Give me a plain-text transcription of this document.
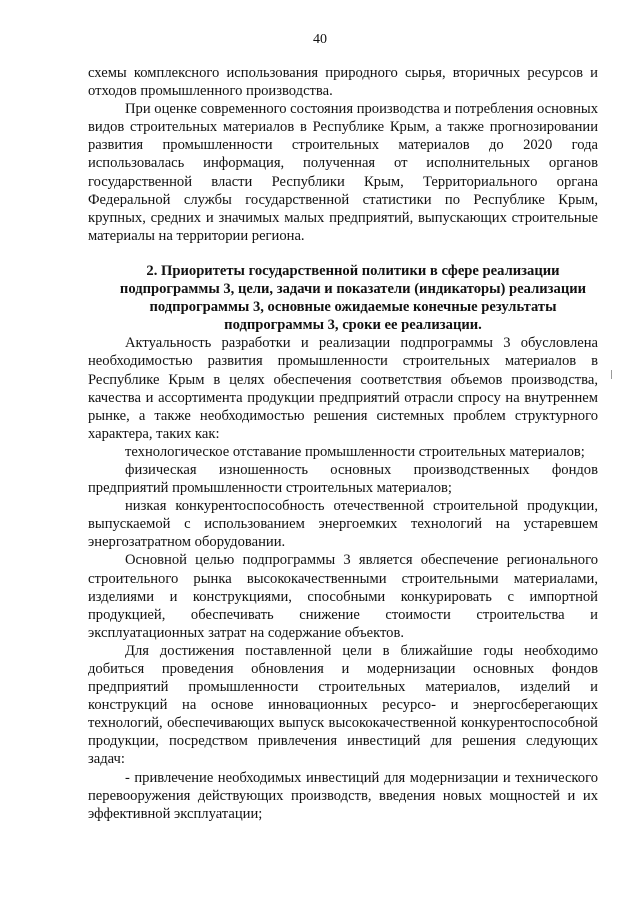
40

схемы комплексного использования природного сырья, вторичных ресурсов и отходов промышленного производства.

При оценке современного состояния производства и потребления основных видов строительных материалов в Республике Крым, а также прогнозировании развития промышленности строительных материалов до 2020 года использовалась информация, полученная от исполнительных органов государственной власти Республики Крым, Территориального органа Федеральной службы государственной статистики по Республике Крым, крупных, средних и значимых малых предприятий, выпускающих строительные материалы на территории региона.

2. Приоритеты государственной политики в сфере реализации подпрограммы 3, цели, задачи и показатели (индикаторы) реализации подпрограммы 3, основные ожидаемые конечные результаты подпрограммы 3, сроки ее реализации.

Актуальность разработки и реализации подпрограммы 3 обусловлена необходимостью развития промышленности строительных материалов в Республике Крым в целях обеспечения соответствия объемов производства, качества и ассортимента продукции предприятий отрасли спросу на внутреннем рынке, а также необходимостью решения системных проблем структурного характера, таких как:

технологическое отставание промышленности строительных материалов;

физическая изношенность основных производственных фондов предприятий промышленности строительных материалов;

низкая конкурентоспособность отечественной строительной продукции, выпускаемой с использованием энергоемких технологий на устаревшем энергозатратном оборудовании.

Основной целью подпрограммы 3 является обеспечение регионального строительного рынка высококачественными строительными материалами, изделиями и конструкциями, способными конкурировать с импортной продукцией, обеспечивать снижение стоимости строительства и эксплуатационных затрат на содержание объектов.

Для достижения поставленной цели в ближайшие годы необходимо добиться проведения обновления и модернизации основных фондов предприятий промышленности строительных материалов, изделий и конструкций на основе инновационных ресурсо- и энергосберегающих технологий, обеспечивающих выпуск высококачественной конкурентоспособной продукции, посредством привлечения инвестиций для решения следующих задач:

- привлечение необходимых инвестиций для модернизации и технического перевооружения действующих производств, введения новых мощностей и их эффективной эксплуатации;
